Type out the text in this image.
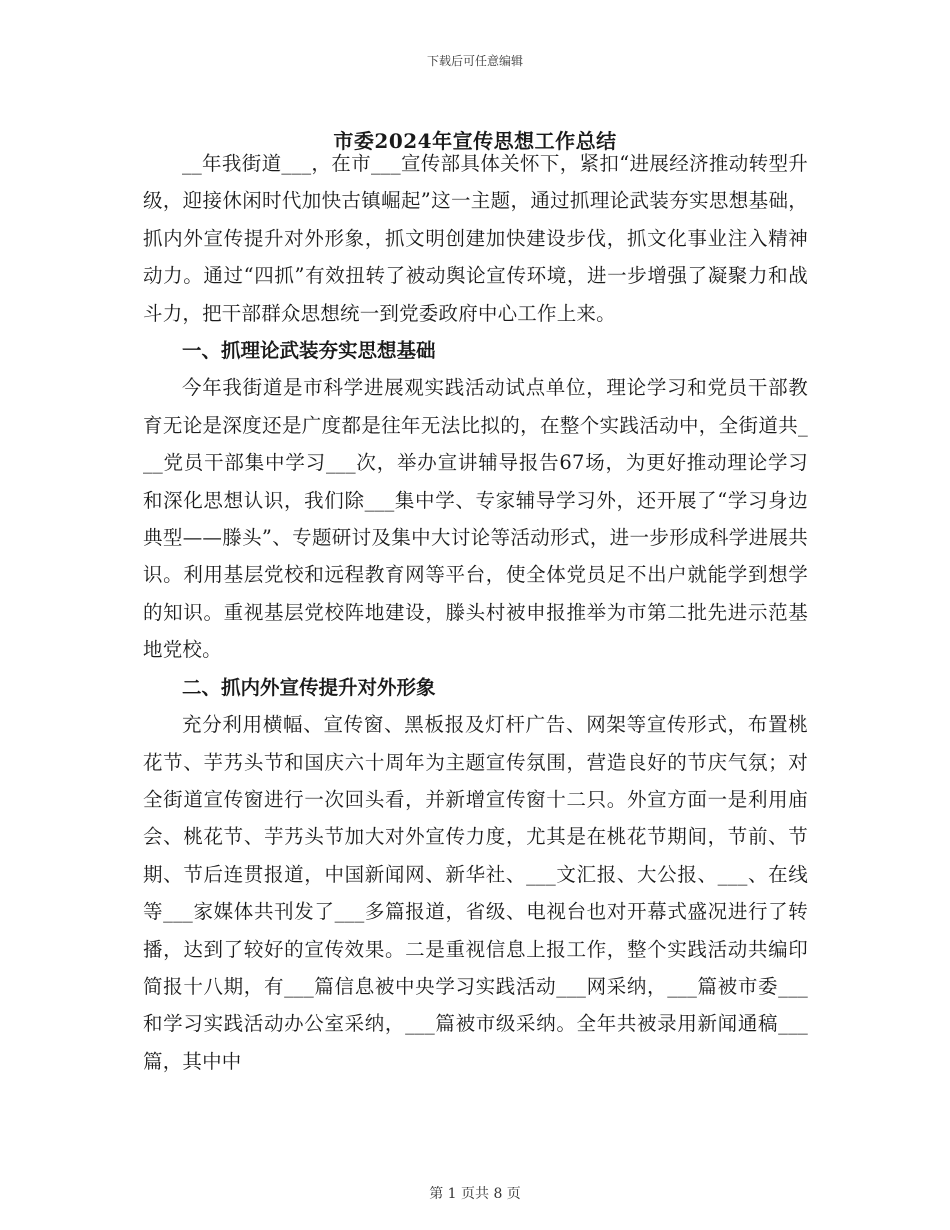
下载后可任意编辑
市委2024年宣传思想工作总结

__年我街道___，在市___宣传部具体关怀下，紧扣“进展经济推动转型升级，迎接休闲时代加快古镇崛起”这一主题，通过抓理论武装夯实思想基础，抓内外宣传提升对外形象，抓文明创建加快建设步伐，抓文化事业注入精神动力。通过“四抓”有效扭转了被动舆论宣传环境，进一步增强了凝聚力和战斗力，把干部群众思想统一到党委政府中心工作上来。

一、抓理论武装夯实思想基础

今年我街道是市科学进展观实践活动试点单位，理论学习和党员干部教育无论是深度还是广度都是往年无法比拟的，在整个实践活动中，全街道共___党员干部集中学习___次，举办宣讲辅导报告67场，为更好推动理论学习和深化思想认识，我们除___集中学、专家辅导学习外，还开展了“学习身边典型——滕头”、专题研讨及集中大讨论等活动形式，进一步形成科学进展共识。利用基层党校和远程教育网等平台，使全体党员足不出户就能学到想学的知识。重视基层党校阵地建设，滕头村被申报推举为市第二批先进示范基地党校。

二、抓内外宣传提升对外形象

充分利用横幅、宣传窗、黑板报及灯杆广告、网架等宣传形式，布置桃花节、芋艿头节和国庆六十周年为主题宣传氛围，营造良好的节庆气氛；对全街道宣传窗进行一次回头看，并新增宣传窗十二只。外宣方面一是利用庙会、桃花节、芋艿头节加大对外宣传力度，尤其是在桃花节期间，节前、节期、节后连贯报道，中国新闻网、新华社、___文汇报、大公报、___、在线等___家媒体共刊发了___多篇报道，省级、电视台也对开幕式盛况进行了转播，达到了较好的宣传效果。二是重视信息上报工作，整个实践活动共编印简报十八期，有___篇信息被中央学习实践活动___网采纳，___篇被市委___和学习实践活动办公室采纳，___篇被市级采纳。全年共被录用新闻通稿___篇，其中中

第 1 页共 8 页
